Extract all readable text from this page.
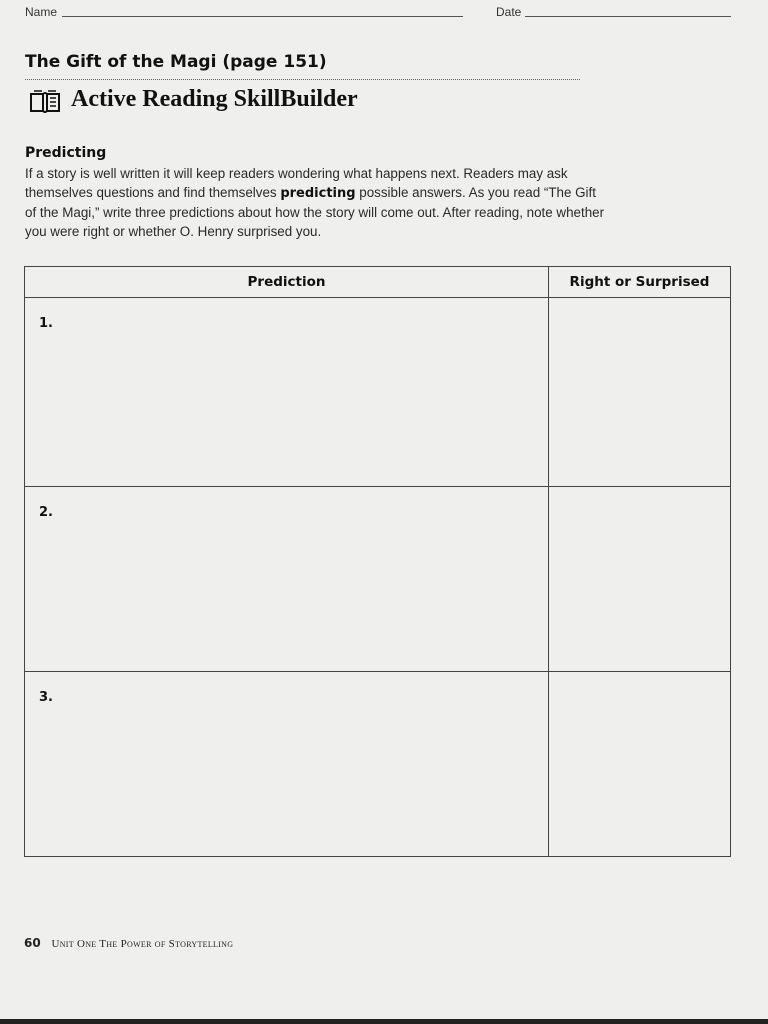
Name	Date
The Gift of the Magi (page 151)
Active Reading SkillBuilder
Predicting
If a story is well written it will keep readers wondering what happens next. Readers may ask themselves questions and find themselves predicting possible answers. As you read “The Gift of the Magi,” write three predictions about how the story will come out. After reading, note whether you were right or whether O. Henry surprised you.
Prediction	Right or Surprised

1.	

2.	

3.	

60 Unit One The Power of Storytelling
